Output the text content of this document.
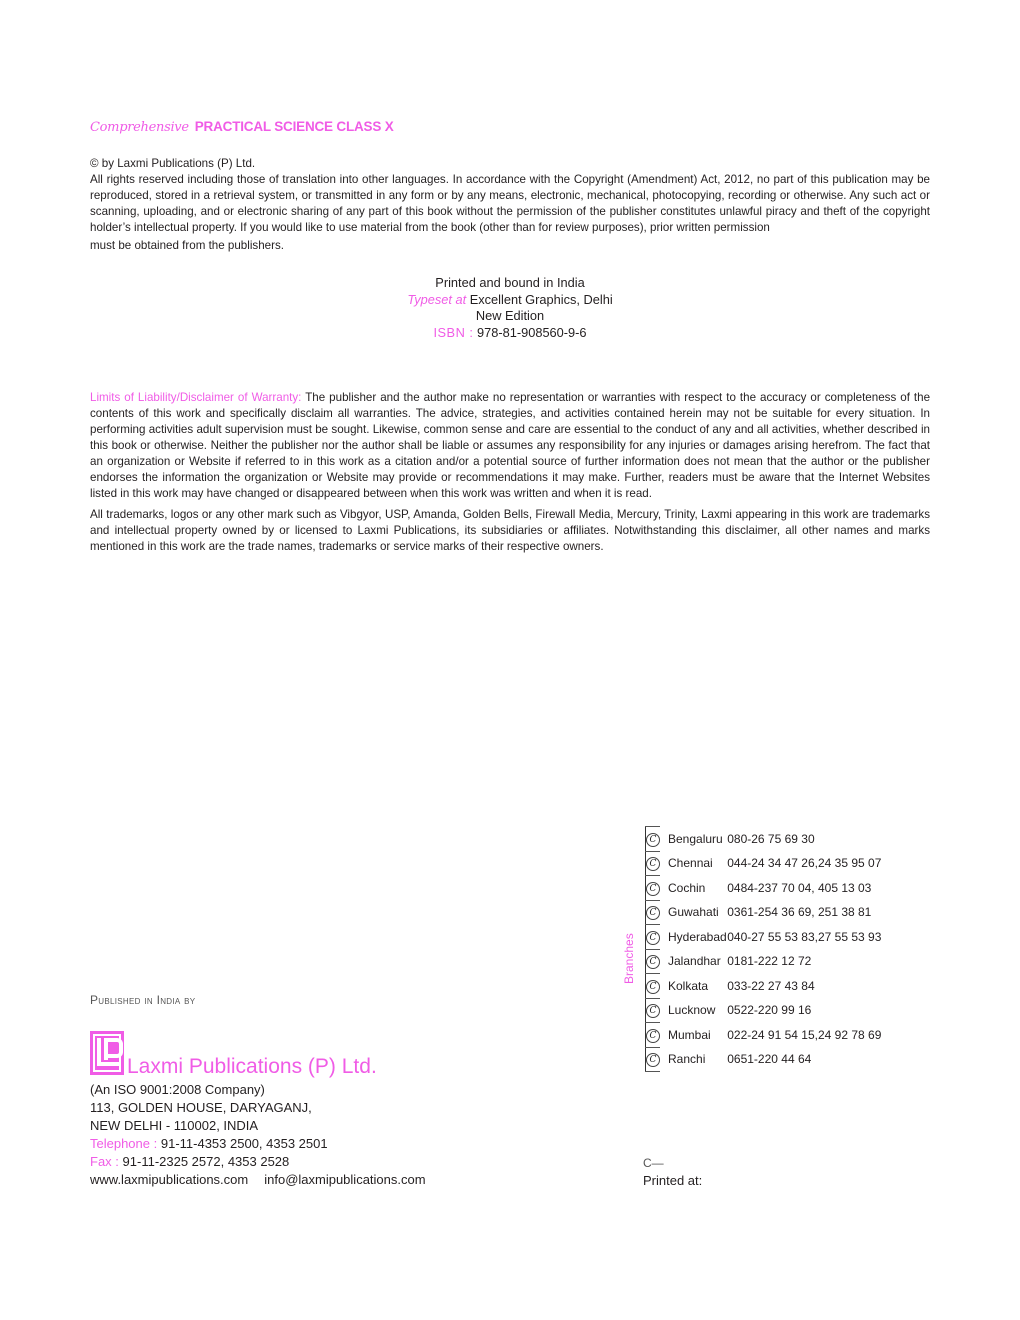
Comprehensive PRACTICAL SCIENCE CLASS X

© by Laxmi Publications (P) Ltd.

All rights reserved including those of translation into other languages. In accordance with the Copyright (Amendment) Act, 2012, no part of this publication may be reproduced, stored in a retrieval system, or transmitted in any form or by any means, electronic, mechanical, photocopying, recording or otherwise. Any such act or scanning, uploading, and or electronic sharing of any part of this book without the permission of the publisher constitutes unlawful piracy and theft of the copyright holder’s intellectual property. If you would like to use material from the book (other than for review purposes), prior written permission

must be obtained from the publishers.

Printed and bound in India
Typeset at Excellent Graphics, Delhi
New Edition
ISBN : 978-81-908560-9-6

Limits of Liability/Disclaimer of Warranty: The publisher and the author make no representation or warranties with respect to the accuracy or completeness of the contents of this work and specifically disclaim all warranties. The advice, strategies, and activities contained herein may not be suitable for every situation. In performing activities adult supervision must be sought. Likewise, common sense and care are essential to the conduct of any and all activities, whether described in this book or otherwise. Neither the publisher nor the author shall be liable or assumes any responsibility for any injuries or damages arising herefrom. The fact that an organization or Website if referred to in this work as a citation and/or a potential source of further information does not mean that the author or the publisher endorses the information the organization or Website may provide or recommendations it may make. Further, readers must be aware that the Internet Websites listed in this work may have changed or disappeared between when this work was written and when it is read.

All trademarks, logos or any other mark such as Vibgyor, USP, Amanda, Golden Bells, Firewall Media, Mercury, Trinity, Laxmi appearing in this work are trademarks and intellectual property owned by or licensed to Laxmi Publications, its subsidiaries or affiliates. Notwithstanding this disclaimer, all other names and marks mentioned in this work are the trade names, trademarks or service marks of their respective owners.

Branches
C	Bengaluru	080-26 75 69 30	
C	Chennai	044-24 34 47 26,	24 35 95 07
C	Cochin	0484-237 70 04,	405 13 03
C	Guwahati	0361-254 36 69,	251 38 81
C	Hyderabad	040-27 55 53 83,	27 55 53 93
C	Jalandhar	0181-222 12 72	
C	Kolkata	033-22 27 43 84	
C	Lucknow	0522-220 99 16	
C	Mumbai	022-24 91 54 15,	24 92 78 69
C	Ranchi	0651-220 44 64	
Published in India by
Laxmi Publications (P) Ltd.
(An ISO 9001:2008 Company)
113, GOLDEN HOUSE, DARYAGANJ,
NEW DELHI - 110002, INDIA
Telephone : 91-11-4353 2500, 4353 2501
Fax : 91-11-2325 2572, 4353 2528
www.laxmipublications.com info@laxmipublications.com
C—
Printed at:
